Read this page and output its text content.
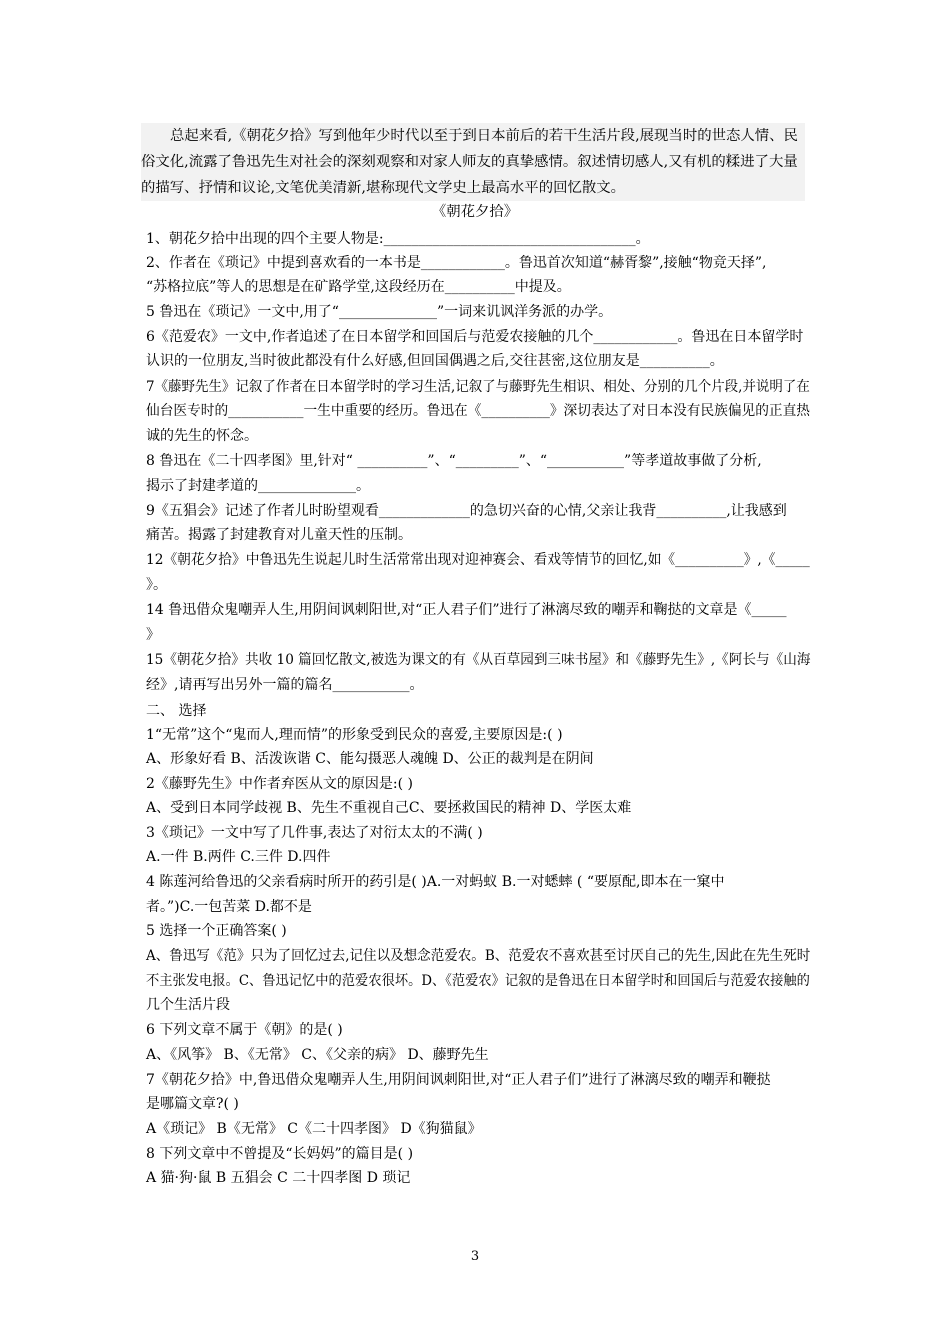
总起来看,《朝花夕拾》写到他年少时代以至于到日本前后的若干生活片段,展现当时的世态人情、民俗文化,流露了鲁迅先生对社会的深刻观察和对家人师友的真挚感情。叙述情切感人,又有机的糅进了大量的描写、抒情和议论,文笔优美清新,堪称现代文学史上最高水平的回忆散文。
《朝花夕拾》
1、朝花夕拾中出现的四个主要人物是:____________________________________。
2、作者在《琐记》中提到喜欢看的一本书是____________。鲁迅首次知道“赫胥黎”,接触“物竞天择”,
“苏格拉底”等人的思想是在矿路学堂,这段经历在__________中提及。
5 鲁迅在《琐记》一文中,用了“______________”一词来讥讽洋务派的办学。
6《范爱农》一文中,作者追述了在日本留学和回国后与范爱农接触的几个____________。鲁迅在日本留学时
认识的一位朋友,当时彼此都没有什么好感,但回国偶遇之后,交往甚密,这位朋友是__________。
7《藤野先生》记叙了作者在日本留学时的学习生活,记叙了与藤野先生相识、相处、分别的几个片段,并说明了在
仙台医专时的___________一生中重要的经历。鲁迅在《__________》深切表达了对日本没有民族偏见的正直热
诚的先生的怀念。
8 鲁迅在《二十四孝图》里,针对“ __________”、“_________”、“___________”等孝道故事做了分析,
揭示了封建孝道的______________。
9《五猖会》记述了作者儿时盼望观看_____________的急切兴奋的心情,父亲让我背__________,让我感到
痛苦。揭露了封建教育对儿童天性的压制。
12《朝花夕拾》中鲁迅先生说起儿时生活常常出现对迎神赛会、看戏等情节的回忆,如《__________》,《_____
》。
14 鲁迅借众鬼嘲弄人生,用阴间讽刺阳世,对“正人君子们”进行了淋漓尽致的嘲弄和鞠挞的文章是《_____
》
15《朝花夕拾》共收 10 篇回忆散文,被选为课文的有《从百草园到三味书屋》和《藤野先生》,《阿长与《山海
经》,请再写出另外一篇的篇名___________。
二、 选择
1“无常”这个“鬼而人,理而情”的形象受到民众的喜爱,主要原因是:( )
A、形象好看 B、活泼诙谐 C、能勾摄恶人魂魄 D、公正的裁判是在阴间
2《藤野先生》中作者弃医从文的原因是:( )
A、受到日本同学歧视 B、先生不重视自己C、要拯救国民的精神 D、学医太难
3《琐记》一文中写了几件事,表达了对衍太太的不满( )
A.一件 B.两件 C.三件 D.四件
4 陈莲河给鲁迅的父亲看病时所开的药引是( )A.一对蚂蚁 B.一对蟋蟀 ( “要原配,即本在一窠中
者。”)C.一包苦菜 D.都不是
5 选择一个正确答案( )
A、鲁迅写《范》只为了回忆过去,记住以及想念范爱农。B、范爱农不喜欢甚至讨厌自己的先生,因此在先生死时
不主张发电报。C、鲁迅记忆中的范爱农很坏。D、《范爱农》记叙的是鲁迅在日本留学时和回国后与范爱农接触的
几个生活片段
6 下列文章不属于《朝》的是( )
A、《风筝》 B、《无常》 C、《父亲的病》 D、藤野先生
7《朝花夕拾》中,鲁迅借众鬼嘲弄人生,用阴间讽刺阳世,对“正人君子们”进行了淋漓尽致的嘲弄和鞭挞
是哪篇文章?( )
A《琐记》 B《无常》 C《二十四孝图》 D《狗猫鼠》
8 下列文章中不曾提及“长妈妈”的篇目是( )
A 猫·狗·鼠 B 五猖会 C 二十四孝图 D 琐记
3
